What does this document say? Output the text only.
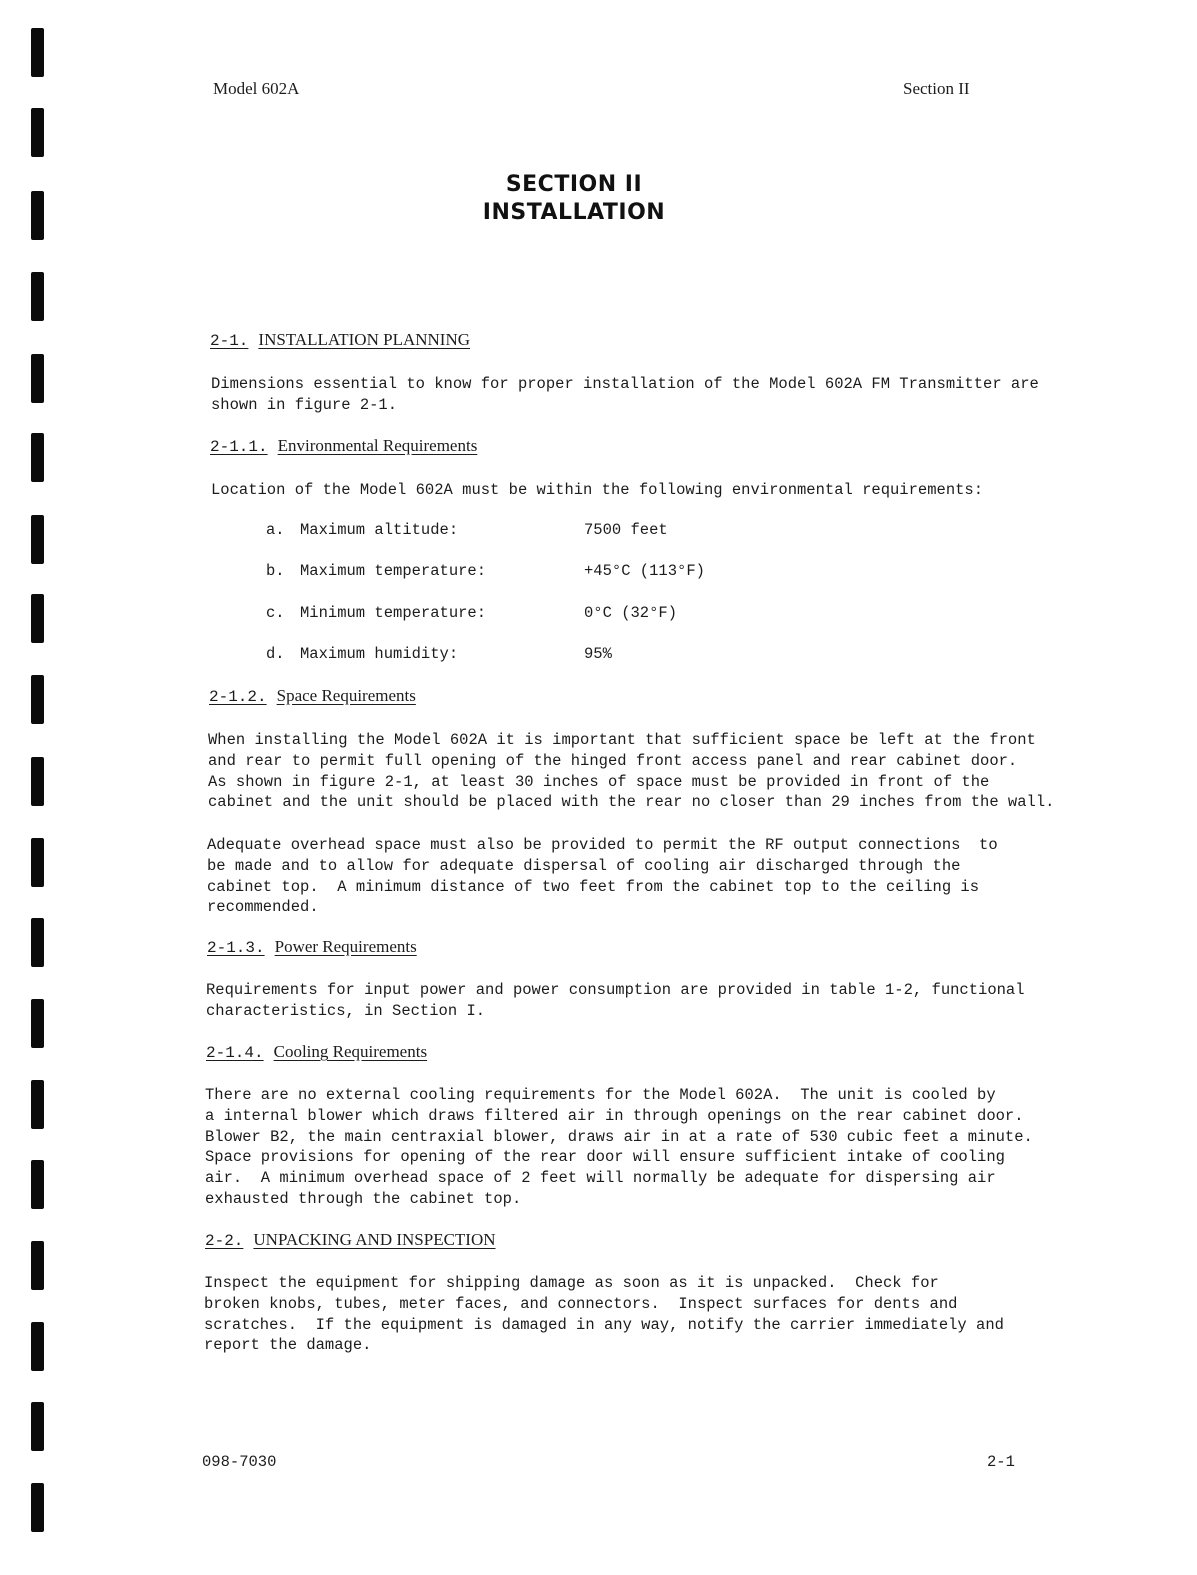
Model 602A	Section II
SECTION II
INSTALLATION
2-1. INSTALLATION PLANNING
Dimensions essential to know for proper installation of the Model 602A FM Transmitter are
shown in figure 2-1.
2-1.1. Environmental Requirements
Location of the Model 602A must be within the following environmental requirements:
a. Maximum altitude:	7500 feet
b. Maximum temperature:	+45°C (113°F)
c. Minimum temperature:	0°C (32°F)
d. Maximum humidity:	95%
2-1.2. Space Requirements
When installing the Model 602A it is important that sufficient space be left at the front
and rear to permit full opening of the hinged front access panel and rear cabinet door.
As shown in figure 2-1, at least 30 inches of space must be provided in front of the
cabinet and the unit should be placed with the rear no closer than 29 inches from the wall.
Adequate overhead space must also be provided to permit the RF output connections  to
be made and to allow for adequate dispersal of cooling air discharged through the
cabinet top.  A minimum distance of two feet from the cabinet top to the ceiling is
recommended.
2-1.3. Power Requirements
Requirements for input power and power consumption are provided in table 1-2, functional
characteristics, in Section I.
2-1.4. Cooling Requirements
There are no external cooling requirements for the Model 602A.  The unit is cooled by
a internal blower which draws filtered air in through openings on the rear cabinet door.
Blower B2, the main centraxial blower, draws air in at a rate of 530 cubic feet a minute.
Space provisions for opening of the rear door will ensure sufficient intake of cooling
air.  A minimum overhead space of 2 feet will normally be adequate for dispersing air
exhausted through the cabinet top.
2-2. UNPACKING AND INSPECTION
Inspect the equipment for shipping damage as soon as it is unpacked.  Check for
broken knobs, tubes, meter faces, and connectors.  Inspect surfaces for dents and
scratches.  If the equipment is damaged in any way, notify the carrier immediately and
report the damage.
098-7030	2-1
